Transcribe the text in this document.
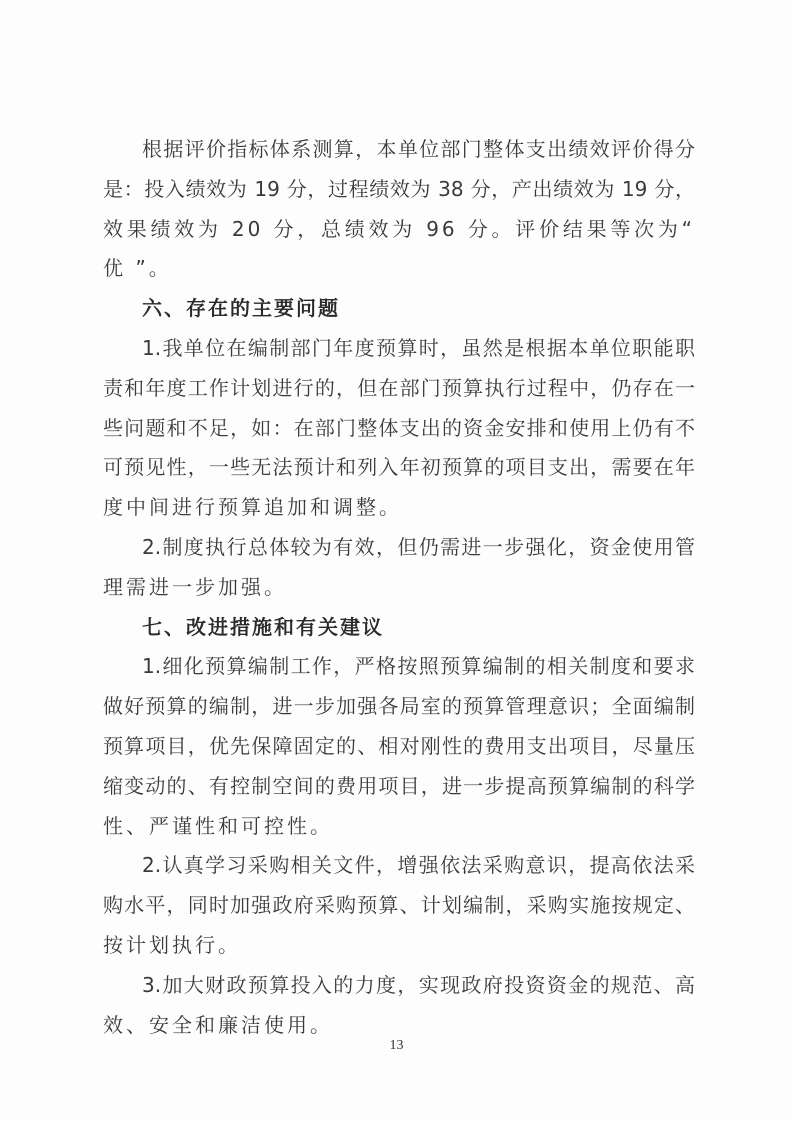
根据评价指标体系测算，本单位部门整体支出绩效评价得分
是：投入绩效为 19 分，过程绩效为 38 分，产出绩效为 19 分，
效果绩效为 20 分，总绩效为 96 分。评价结果等次为“ 优 ”。
六、存在的主要问题
1.我单位在编制部门年度预算时，虽然是根据本单位职能职
责和年度工作计划进行的，但在部门预算执行过程中，仍存在一
些问题和不足，如：在部门整体支出的资金安排和使用上仍有不
可预见性，一些无法预计和列入年初预算的项目支出，需要在年
度中间进行预算追加和调整。
2.制度执行总体较为有效，但仍需进一步强化，资金使用管
理需进一步加强。
七、改进措施和有关建议
1.细化预算编制工作，严格按照预算编制的相关制度和要求
做好预算的编制，进一步加强各局室的预算管理意识；全面编制
预算项目，优先保障固定的、相对刚性的费用支出项目，尽量压
缩变动的、有控制空间的费用项目，进一步提高预算编制的科学
性、严谨性和可控性。
2.认真学习采购相关文件，增强依法采购意识，提高依法采
购水平，同时加强政府采购预算、计划编制，采购实施按规定、
按计划执行。
3.加大财政预算投入的力度，实现政府投资资金的规范、高
效、安全和廉洁使用。
13
